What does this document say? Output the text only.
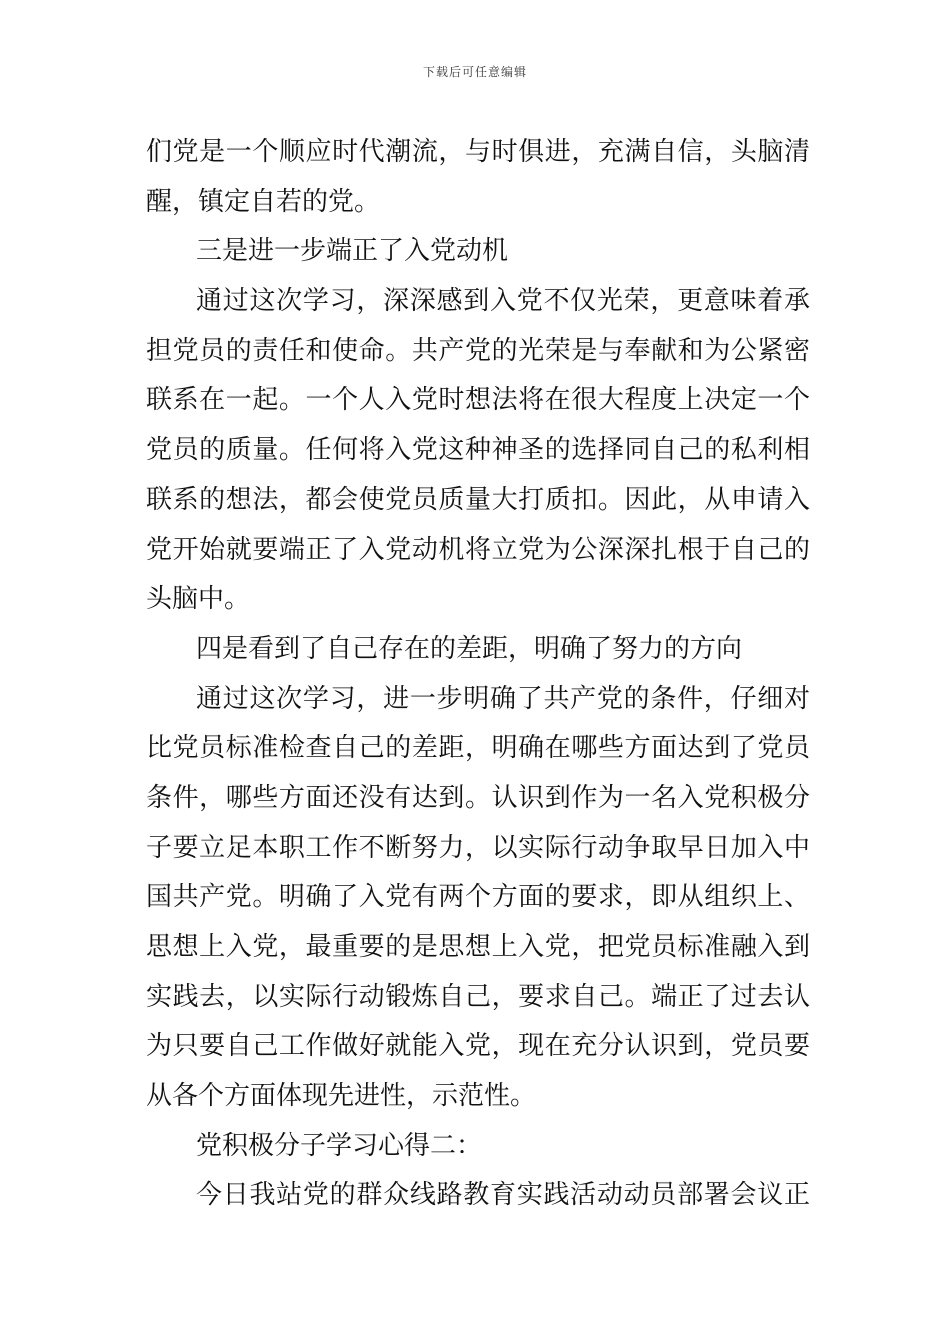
下载后可任意编辑
们党是一个顺应时代潮流，与时俱进，充满自信，头脑清
醒，镇定自若的党。
三是进一步端正了入党动机
通过这次学习，深深感到入党不仅光荣，更意味着承
担党员的责任和使命。共产党的光荣是与奉献和为公紧密
联系在一起。一个人入党时想法将在很大程度上决定一个
党员的质量。任何将入党这种神圣的选择同自己的私利相
联系的想法，都会使党员质量大打质扣。因此，从申请入
党开始就要端正了入党动机将立党为公深深扎根于自己的
头脑中。
四是看到了自己存在的差距，明确了努力的方向
通过这次学习，进一步明确了共产党的条件，仔细对
比党员标准检查自己的差距，明确在哪些方面达到了党员
条件，哪些方面还没有达到。认识到作为一名入党积极分
子要立足本职工作不断努力，以实际行动争取早日加入中
国共产党。明确了入党有两个方面的要求，即从组织上、
思想上入党，最重要的是思想上入党，把党员标准融入到
实践去，以实际行动锻炼自己，要求自己。端正了过去认
为只要自己工作做好就能入党，现在充分认识到，党员要
从各个方面体现先进性，示范性。
党积极分子学习心得二：
今日我站党的群众线路教育实践活动动员部署会议正
